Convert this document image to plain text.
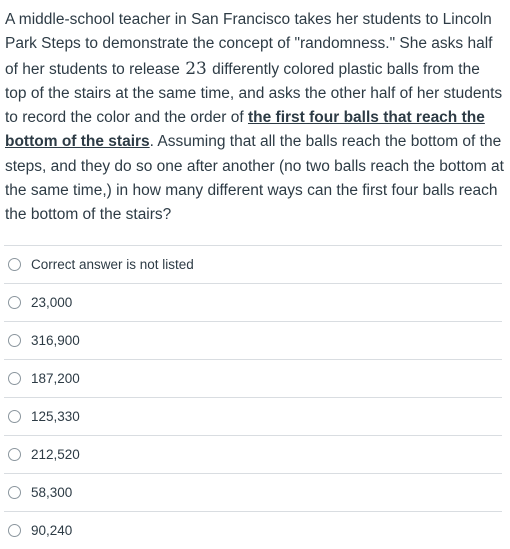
A middle-school teacher in San Francisco takes her students to Lincoln Park Steps to demonstrate the concept of "randomness." She asks half of her students to release 23 differently colored plastic balls from the top of the stairs at the same time, and asks the other half of her students to record the color and the order of the first four balls that reach the bottom of the stairs. Assuming that all the balls reach the bottom of the steps, and they do so one after another (no two balls reach the bottom at the same time,) in how many different ways can the first four balls reach the bottom of the stairs?
Correct answer is not listed
23,000
316,900
187,200
125,330
212,520
58,300
90,240
